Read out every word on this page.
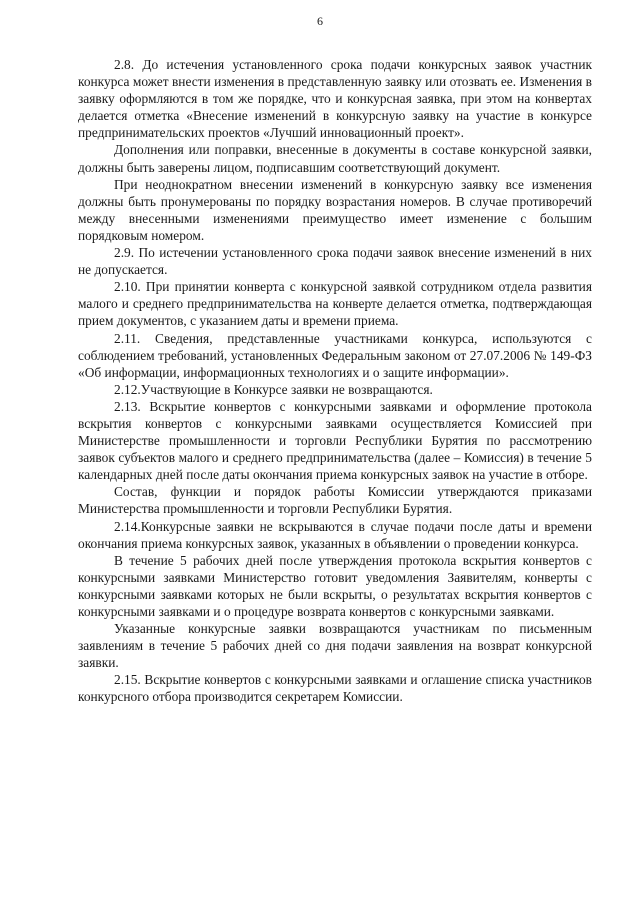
6

2.8. До истечения установленного срока подачи конкурсных заявок участник конкурса может внести изменения в представленную заявку или отозвать ее. Изменения в заявку оформляются в том же порядке, что и конкурсная заявка, при этом на конвертах делается отметка «Внесение изменений в конкурсную заявку на участие в конкурсе предпринимательских проектов «Лучший инновационный проект».

Дополнения или поправки, внесенные в документы в составе конкурсной заявки, должны быть заверены лицом, подписавшим соответствующий документ.

При неоднократном внесении изменений в конкурсную заявку все изменения должны быть пронумерованы по порядку возрастания номеров. В случае противоречий между внесенными изменениями преимущество имеет изменение с большим порядковым номером.

2.9. По истечении установленного срока подачи заявок внесение изменений в них не допускается.

2.10. При принятии конверта с конкурсной заявкой сотрудником отдела развития малого и среднего предпринимательства на конверте делается отметка, подтверждающая прием документов, с указанием даты и времени приема.

2.11. Сведения, представленные участниками конкурса, используются с соблюдением требований, установленных Федеральным законом от 27.07.2006 № 149-ФЗ «Об информации, информационных технологиях и о защите информации».

2.12.Участвующие в Конкурсе заявки не возвращаются.

2.13. Вскрытие конвертов с конкурсными заявками и оформление протокола вскрытия конвертов с конкурсными заявками осуществляется Комиссией при Министерстве промышленности и торговли Республики Бурятия по рассмотрению заявок субъектов малого и среднего предпринимательства (далее – Комиссия) в течение 5 календарных дней после даты окончания приема конкурсных заявок на участие в отборе.

Состав, функции и порядок работы Комиссии утверждаются приказами Министерства промышленности и торговли Республики Бурятия.

2.14.Конкурсные заявки не вскрываются в случае подачи после даты и времени окончания приема конкурсных заявок, указанных в объявлении о проведении конкурса.

В течение 5 рабочих дней после утверждения протокола вскрытия конвертов с конкурсными заявками Министерство готовит уведомления Заявителям, конверты с конкурсными заявками которых не были вскрыты, о результатах вскрытия конвертов с конкурсными заявками и о процедуре возврата конвертов с конкурсными заявками.

Указанные конкурсные заявки возвращаются участникам по письменным заявлениям в течение 5 рабочих дней со дня подачи заявления на возврат конкурсной заявки.

2.15. Вскрытие конвертов с конкурсными заявками и оглашение списка участников конкурсного отбора производится секретарем Комиссии.
